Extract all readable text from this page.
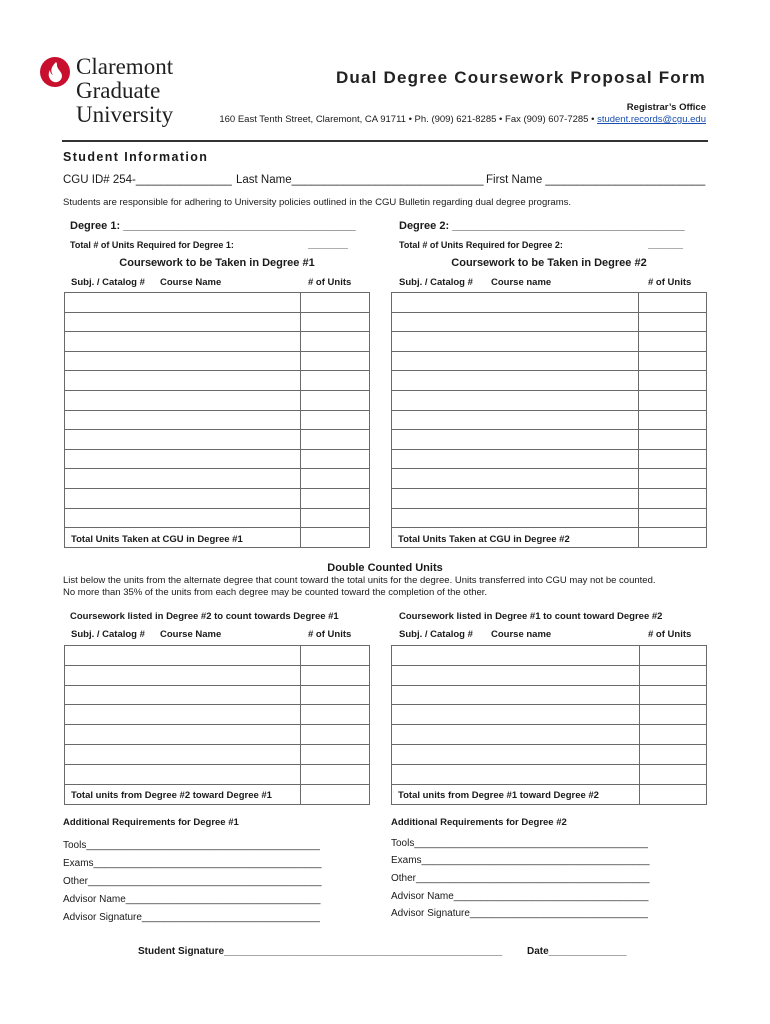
Claremont
Graduate
University
Dual Degree Coursework Proposal Form
Registrar’s Office
160 East Tenth Street, Claremont, CA 91711 • Ph. (909) 621-8285 • Fax (909) 607-7285 • student.records@cgu.edu
Student Information
CGU ID# 254-_______________ Last Name______________________________ First Name _________________________
Students are responsible for adhering to University policies outlined in the CGU Bulletin regarding dual degree programs.
Degree 1: ______________________________________
Total # of Units Required for Degree 1:	________
Coursework to be Taken in Degree #1
Subj. / Catalog # Course Name	# of Units
Degree 2: ______________________________________
Total # of Units Required for Degree 2:	_______
Coursework to be Taken in Degree #2
Subj. / Catalog # Course name	# of Units

Total Units Taken at CGU in Degree #1	

		Total Units Taken at CGU in Degree #2	
Double Counted Units
List below the units from the alternate degree that count toward the total units for the degree. Units transferred into CGU may not be counted.
No more than 35% of the units from each degree may be counted toward the completion of the other.
Coursework listed in Degree #2 to count towards Degree #1	Coursework listed in Degree #1 to count toward Degree #2
Subj. / Catalog # Course Name	# of Units	Subj. / Catalog # Course name	# of Units

Total units from Degree #2 toward Degree #1	

		Total units from Degree #1 toward Degree #2	
Additional Requirements for Degree #1	Additional Requirements for Degree #2
Tools__________________________________________
Exams_________________________________________
Other__________________________________________
Advisor Name___________________________________
Advisor Signature________________________________
Tools__________________________________________
Exams_________________________________________
Other__________________________________________
Advisor Name___________________________________
Advisor Signature________________________________
Student Signature__________________________________________________ Date______________
